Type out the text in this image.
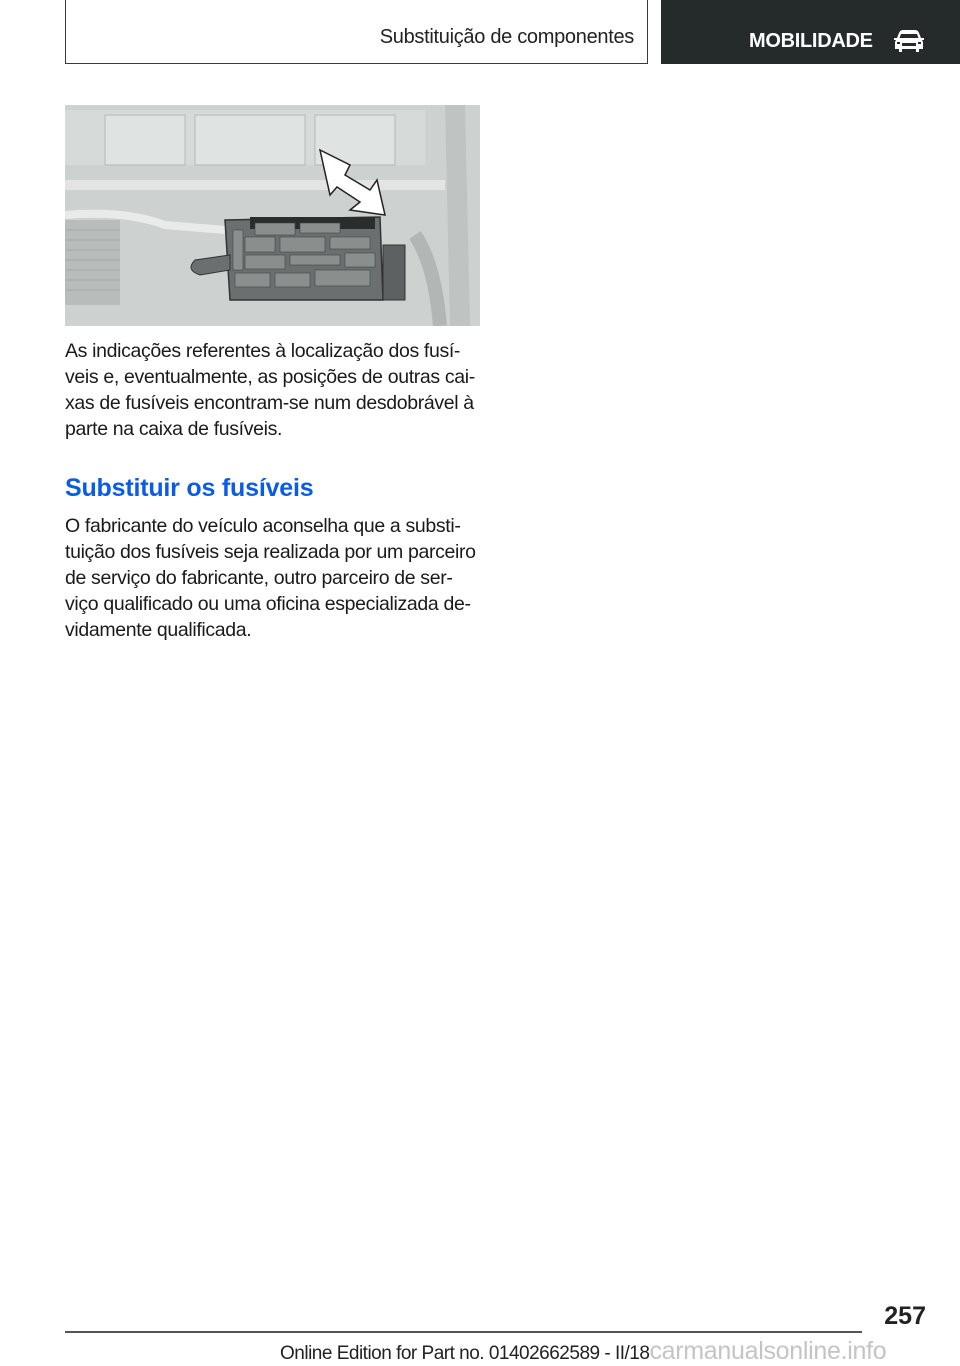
Substituição de componentes	MOBILIDADE

As indicações referentes à localização dos fusí-
veis e, eventualmente, as posições de outras cai-
xas de fusíveis encontram-se num desdobrável à
parte na caixa de fusíveis.

Substituir os fusíveis

O fabricante do veículo aconselha que a substi-
tuição dos fusíveis seja realizada por um parceiro
de serviço do fabricante, outro parceiro de ser-
viço qualificado ou uma oficina especializada de-
vidamente qualificada.

257
Online Edition for Part no. 01402662589 - II/18carmanualsonline.info
